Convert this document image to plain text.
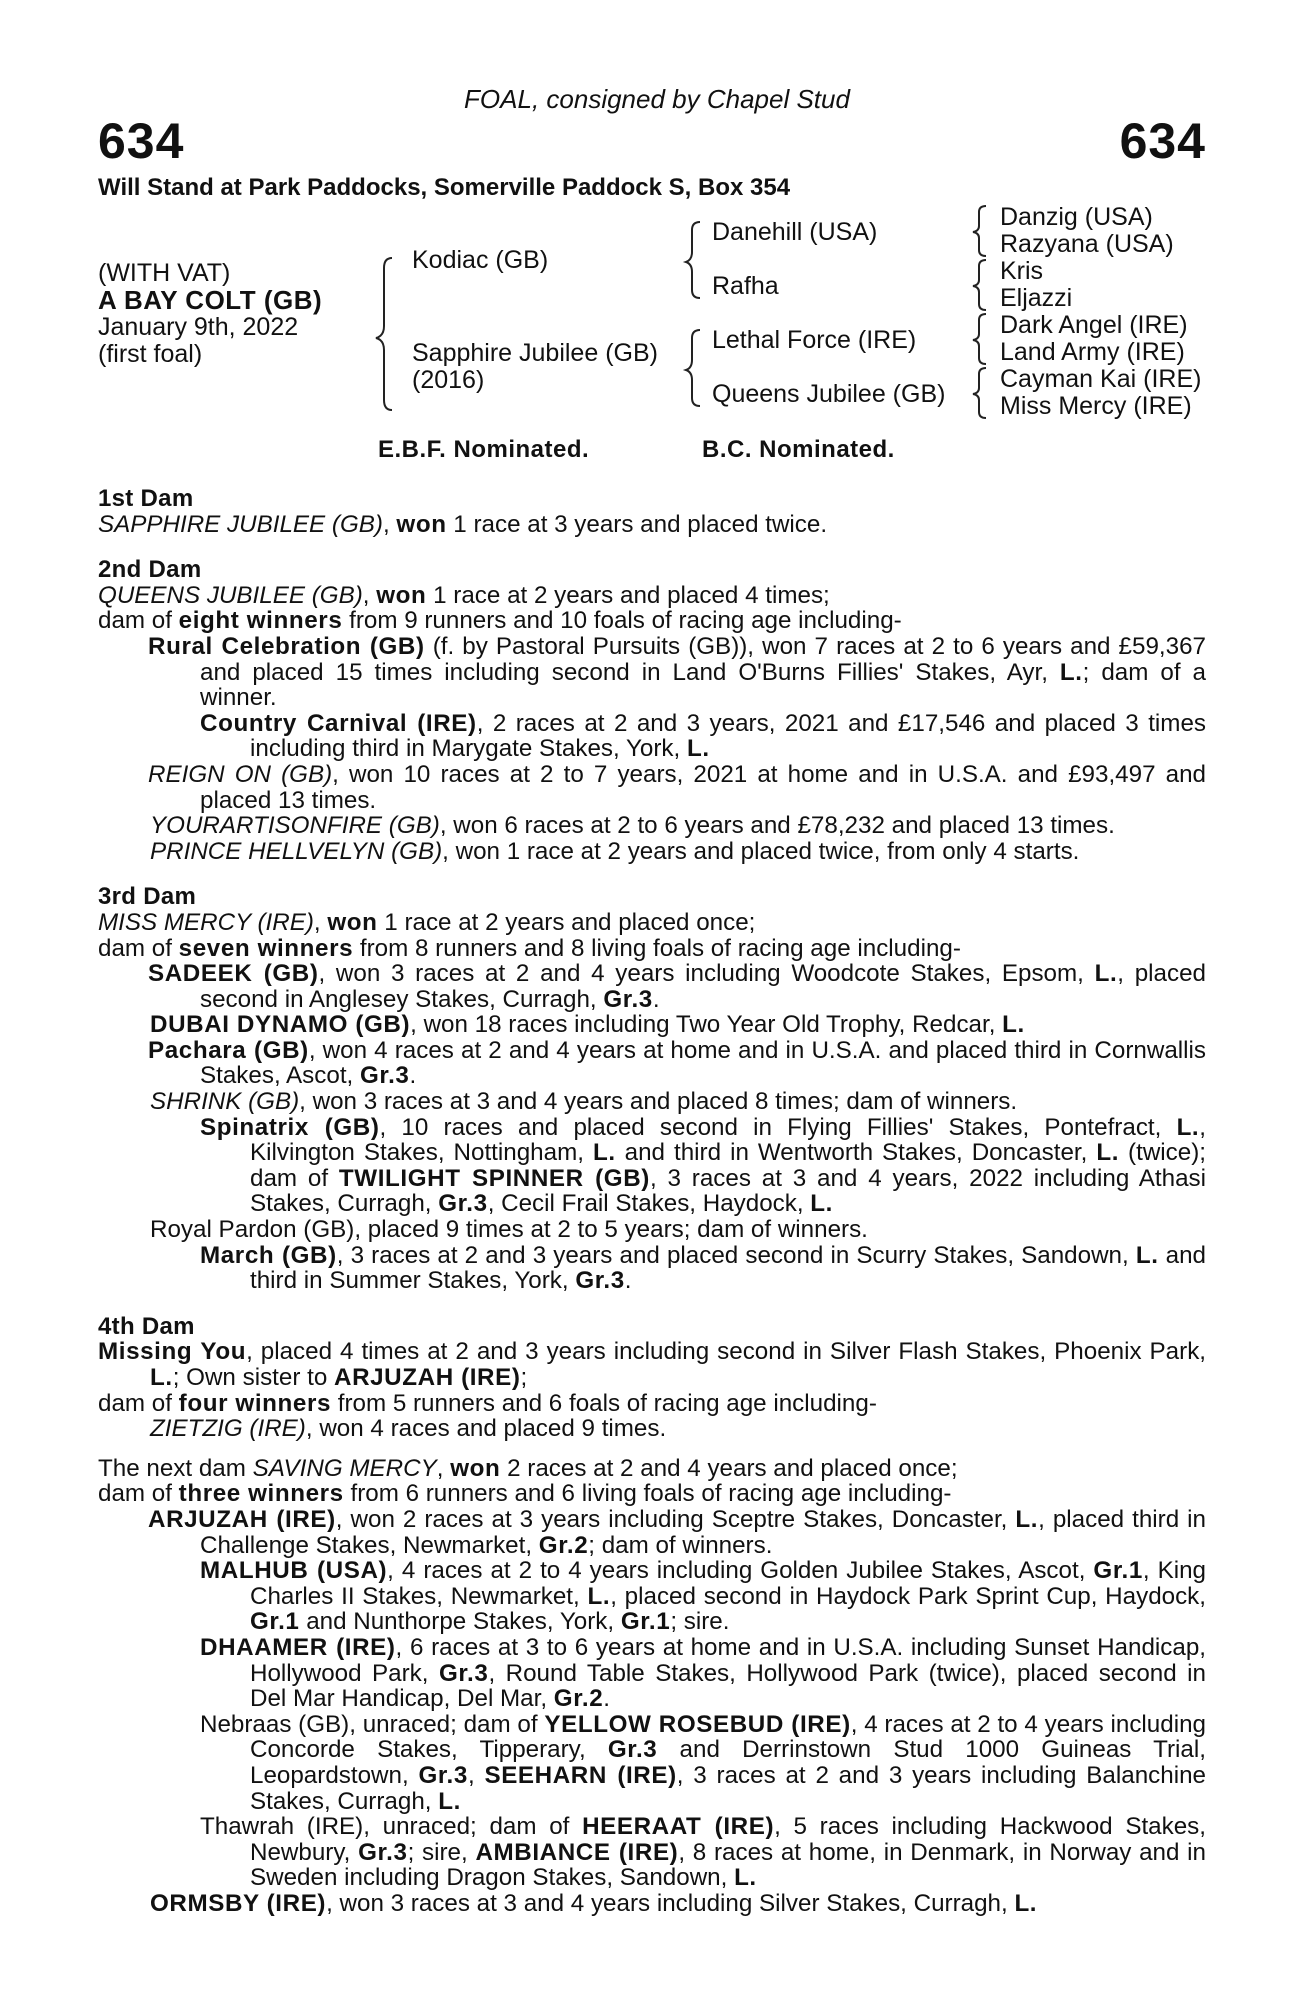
FOAL, consigned by Chapel Stud
634	634
Will Stand at Park Paddocks, Somerville Paddock S, Box 354
(WITH VAT)
A BAY COLT (GB)
January 9th, 2022
(first foal)
Kodiac (GB)
Sapphire Jubilee (GB)
(2016)
Danehill (USA)
Rafha
Lethal Force (IRE)
Queens Jubilee (GB)
Danzig (USA)
Razyana (USA)
Kris
Eljazzi
Dark Angel (IRE)
Land Army (IRE)
Cayman Kai (IRE)
Miss Mercy (IRE)
E.B.F. Nominated.	B.C. Nominated.
1st Dam
SAPPHIRE JUBILEE (GB), won 1 race at 3 years and placed twice.
2nd Dam
QUEENS JUBILEE (GB), won 1 race at 2 years and placed 4 times;
dam of eight winners from 9 runners and 10 foals of racing age including-
Rural Celebration (GB) (f. by Pastoral Pursuits (GB)), won 7 races at 2 to 6 years and £59,367 and placed 15 times including second in Land O'Burns Fillies' Stakes, Ayr, L.; dam of a winner.
Country Carnival (IRE), 2 races at 2 and 3 years, 2021 and £17,546 and placed 3 times including third in Marygate Stakes, York, L.
REIGN ON (GB), won 10 races at 2 to 7 years, 2021 at home and in U.S.A. and £93,497 and placed 13 times.
YOURARTISONFIRE (GB), won 6 races at 2 to 6 years and £78,232 and placed 13 times.
PRINCE HELLVELYN (GB), won 1 race at 2 years and placed twice, from only 4 starts.
3rd Dam
MISS MERCY (IRE), won 1 race at 2 years and placed once;
dam of seven winners from 8 runners and 8 living foals of racing age including-
SADEEK (GB), won 3 races at 2 and 4 years including Woodcote Stakes, Epsom, L., placed second in Anglesey Stakes, Curragh, Gr.3.
DUBAI DYNAMO (GB), won 18 races including Two Year Old Trophy, Redcar, L.
Pachara (GB), won 4 races at 2 and 4 years at home and in U.S.A. and placed third in Cornwallis Stakes, Ascot, Gr.3.
SHRINK (GB), won 3 races at 3 and 4 years and placed 8 times; dam of winners.
Spinatrix (GB), 10 races and placed second in Flying Fillies' Stakes, Pontefract, L., Kilvington Stakes, Nottingham, L. and third in Wentworth Stakes, Doncaster, L. (twice); dam of TWILIGHT SPINNER (GB), 3 races at 3 and 4 years, 2022 including Athasi Stakes, Curragh, Gr.3, Cecil Frail Stakes, Haydock, L.
Royal Pardon (GB), placed 9 times at 2 to 5 years; dam of winners.
March (GB), 3 races at 2 and 3 years and placed second in Scurry Stakes, Sandown, L. and third in Summer Stakes, York, Gr.3.
4th Dam
Missing You, placed 4 times at 2 and 3 years including second in Silver Flash Stakes, Phoenix Park, L.; Own sister to ARJUZAH (IRE);
dam of four winners from 5 runners and 6 foals of racing age including-
ZIETZIG (IRE), won 4 races and placed 9 times.
The next dam SAVING MERCY, won 2 races at 2 and 4 years and placed once;
dam of three winners from 6 runners and 6 living foals of racing age including-
ARJUZAH (IRE), won 2 races at 3 years including Sceptre Stakes, Doncaster, L., placed third in Challenge Stakes, Newmarket, Gr.2; dam of winners.
MALHUB (USA), 4 races at 2 to 4 years including Golden Jubilee Stakes, Ascot, Gr.1, King Charles II Stakes, Newmarket, L., placed second in Haydock Park Sprint Cup, Haydock, Gr.1 and Nunthorpe Stakes, York, Gr.1; sire.
DHAAMER (IRE), 6 races at 3 to 6 years at home and in U.S.A. including Sunset Handicap, Hollywood Park, Gr.3, Round Table Stakes, Hollywood Park (twice), placed second in Del Mar Handicap, Del Mar, Gr.2.
Nebraas (GB), unraced; dam of YELLOW ROSEBUD (IRE), 4 races at 2 to 4 years including Concorde Stakes, Tipperary, Gr.3 and Derrinstown Stud 1000 Guineas Trial, Leopardstown, Gr.3, SEEHARN (IRE), 3 races at 2 and 3 years including Balanchine Stakes, Curragh, L.
Thawrah (IRE), unraced; dam of HEERAAT (IRE), 5 races including Hackwood Stakes, Newbury, Gr.3; sire, AMBIANCE (IRE), 8 races at home, in Denmark, in Norway and in Sweden including Dragon Stakes, Sandown, L.
ORMSBY (IRE), won 3 races at 3 and 4 years including Silver Stakes, Curragh, L.
